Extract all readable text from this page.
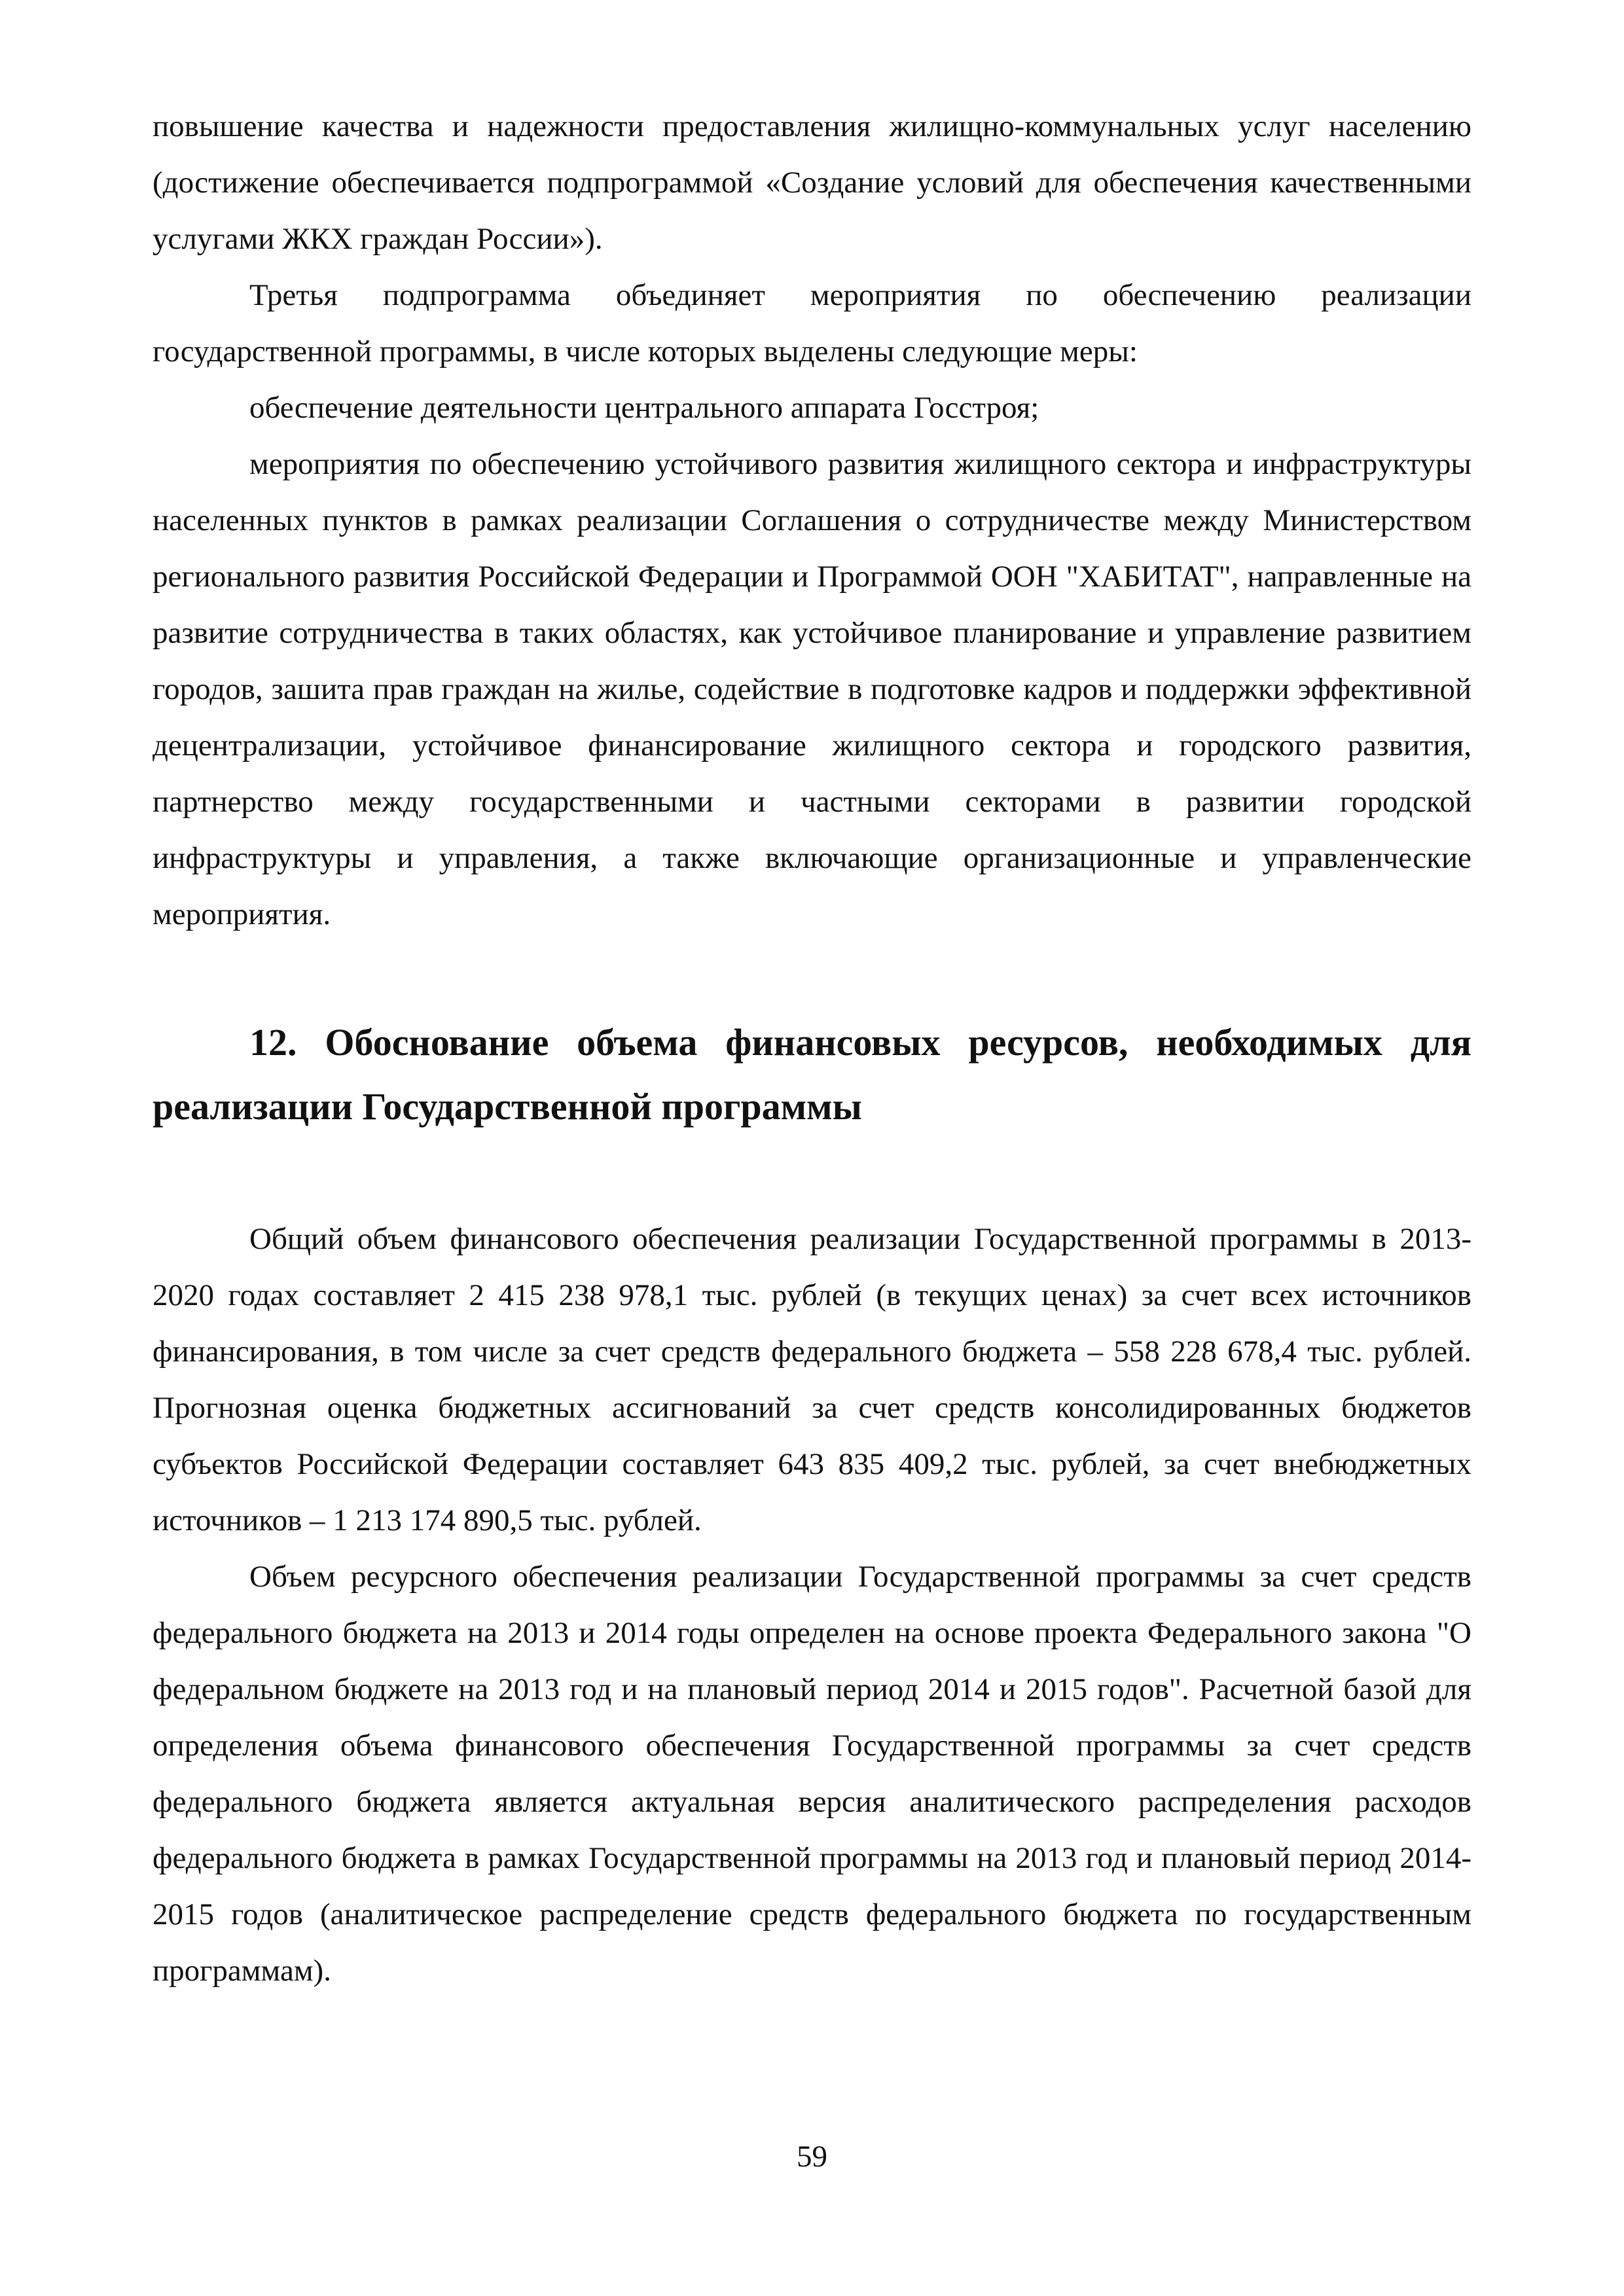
повышение качества и надежности предоставления жилищно-коммунальных услуг населению (достижение обеспечивается подпрограммой «Создание условий для обеспечения качественными услугами ЖКХ граждан России»).

Третья подпрограмма объединяет мероприятия по обеспечению реализации государственной программы, в числе которых выделены следующие меры:

обеспечение деятельности центрального аппарата Госстроя;

мероприятия по обеспечению устойчивого развития жилищного сектора и инфраструктуры населенных пунктов в рамках реализации Соглашения о сотрудничестве между Министерством регионального развития Российской Федерации и Программой ООН "ХАБИТАТ", направленные на развитие сотрудничества в таких областях, как устойчивое планирование и управление развитием городов, зашита прав граждан на жилье, содействие в подготовке кадров и поддержки эффективной децентрализации, устойчивое финансирование жилищного сектора и городского развития, партнерство между государственными и частными секторами в развитии городской инфраструктуры и управления, а также включающие организационные и управленческие мероприятия.

12. Обоснование объема финансовых ресурсов, необходимых для реализации Государственной программы

Общий объем финансового обеспечения реализации Государственной программы в 2013-2020 годах составляет 2 415 238 978,1 тыс. рублей (в текущих ценах) за счет всех источников финансирования, в том числе за счет средств федерального бюджета – 558 228 678,4 тыс. рублей. Прогнозная оценка бюджетных ассигнований за счет средств консолидированных бюджетов субъектов Российской Федерации составляет 643 835 409,2 тыс. рублей, за счет внебюджетных источников – 1 213 174 890,5 тыс. рублей.

Объем ресурсного обеспечения реализации Государственной программы за счет средств федерального бюджета на 2013 и 2014 годы определен на основе проекта Федерального закона "О федеральном бюджете на 2013 год и на плановый период 2014 и 2015 годов". Расчетной базой для определения объема финансового обеспечения Государственной программы за счет средств федерального бюджета является актуальная версия аналитического распределения расходов федерального бюджета в рамках Государственной программы на 2013 год и плановый период 2014-2015 годов (аналитическое распределение средств федерального бюджета по государственным программам).

59
